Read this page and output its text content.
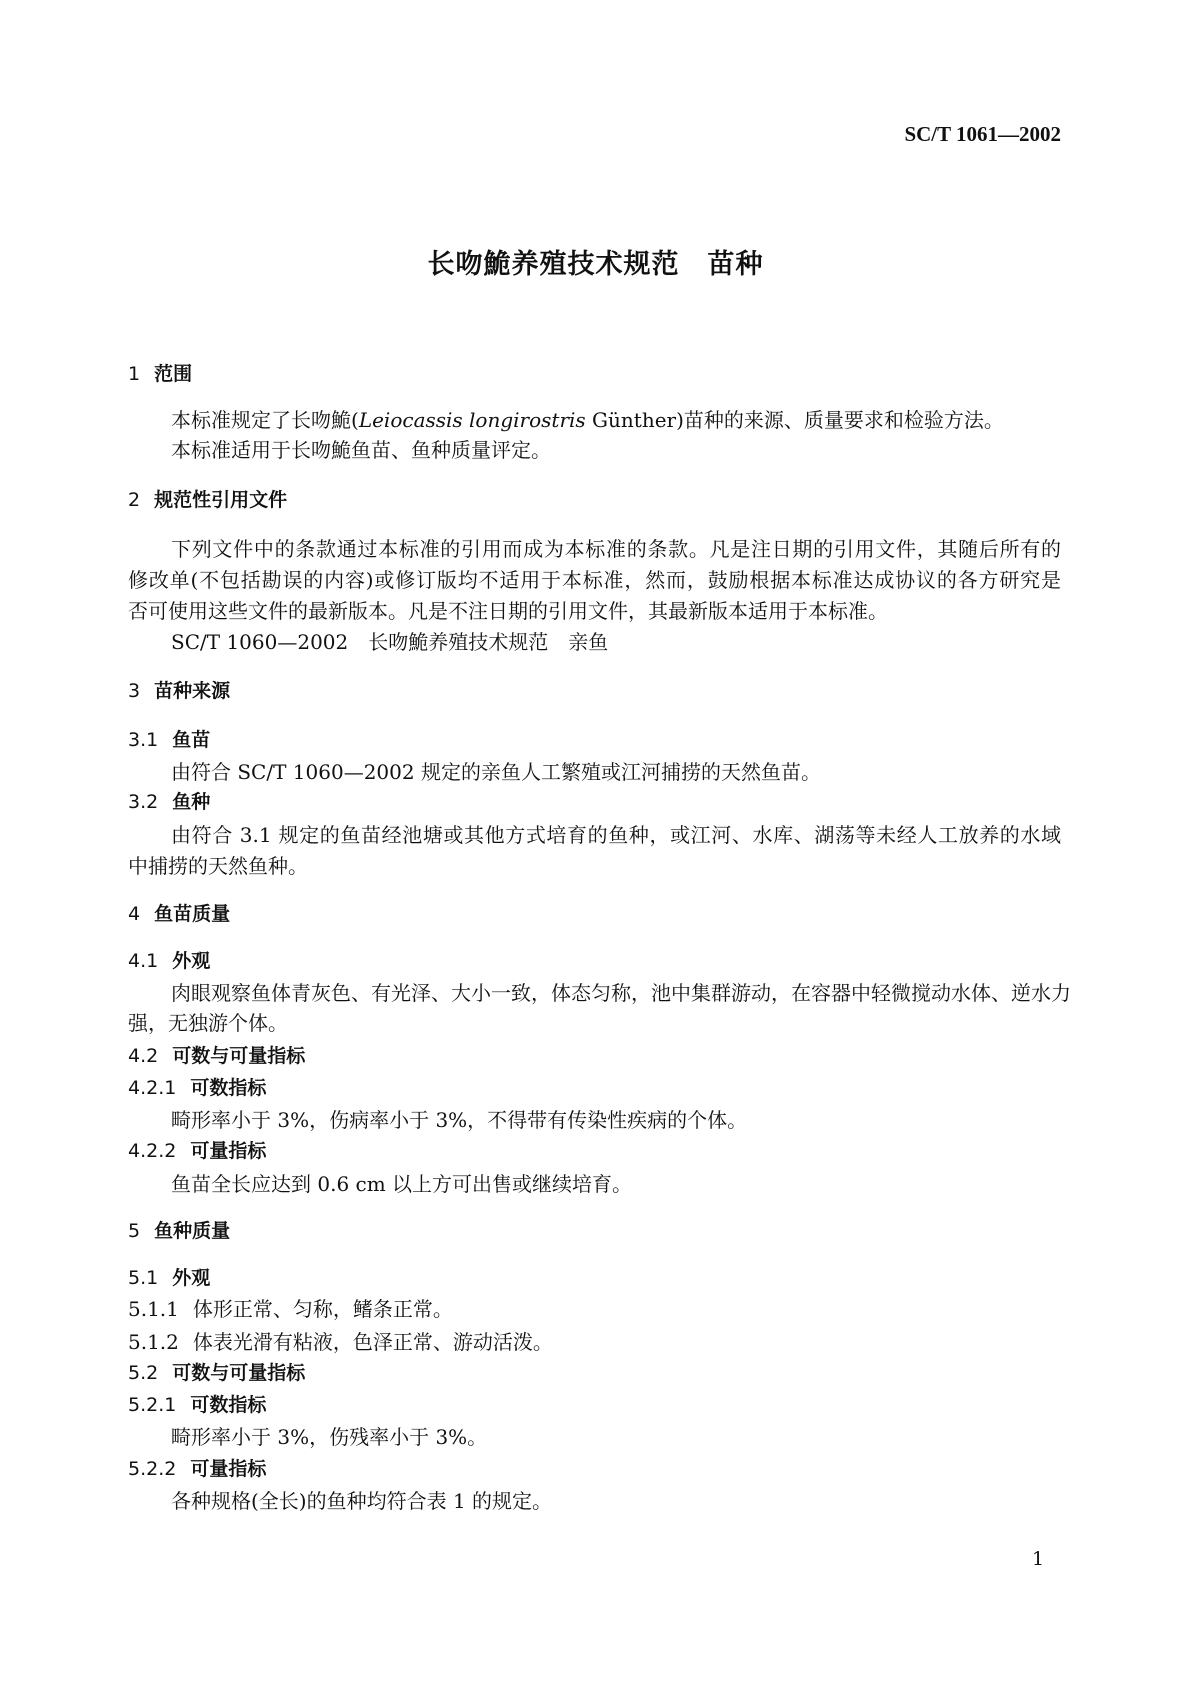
SC/T 1061—2002
长吻鮠养殖技术规范　苗种
1 范围
本标准规定了长吻鮠(Leiocassis longirostris Günther)苗种的来源、质量要求和检验方法。
本标准适用于长吻鮠鱼苗、鱼种质量评定。
2 规范性引用文件
下列文件中的条款通过本标准的引用而成为本标准的条款。凡是注日期的引用文件，其随后所有的
修改单(不包括勘误的内容)或修订版均不适用于本标准，然而，鼓励根据本标准达成协议的各方研究是
否可使用这些文件的最新版本。凡是不注日期的引用文件，其最新版本适用于本标准。
SC/T 1060—2002　长吻鮠养殖技术规范　亲鱼
3 苗种来源
3.1 鱼苗
由符合 SC/T 1060—2002 规定的亲鱼人工繁殖或江河捕捞的天然鱼苗。
3.2 鱼种
由符合 3.1 规定的鱼苗经池塘或其他方式培育的鱼种，或江河、水库、湖荡等未经人工放养的水域
中捕捞的天然鱼种。
4 鱼苗质量
4.1 外观
肉眼观察鱼体青灰色、有光泽、大小一致，体态匀称，池中集群游动，在容器中轻微搅动水体、逆水力
强，无独游个体。
4.2 可数与可量指标
4.2.1 可数指标
畸形率小于 3%，伤病率小于 3%，不得带有传染性疾病的个体。
4.2.2 可量指标
鱼苗全长应达到 0.6 cm 以上方可出售或继续培育。
5 鱼种质量
5.1 外观
5.1.1 体形正常、匀称，鳍条正常。
5.1.2 体表光滑有粘液，色泽正常、游动活泼。
5.2 可数与可量指标
5.2.1 可数指标
畸形率小于 3%，伤残率小于 3%。
5.2.2 可量指标
各种规格(全长)的鱼种均符合表 1 的规定。
1
